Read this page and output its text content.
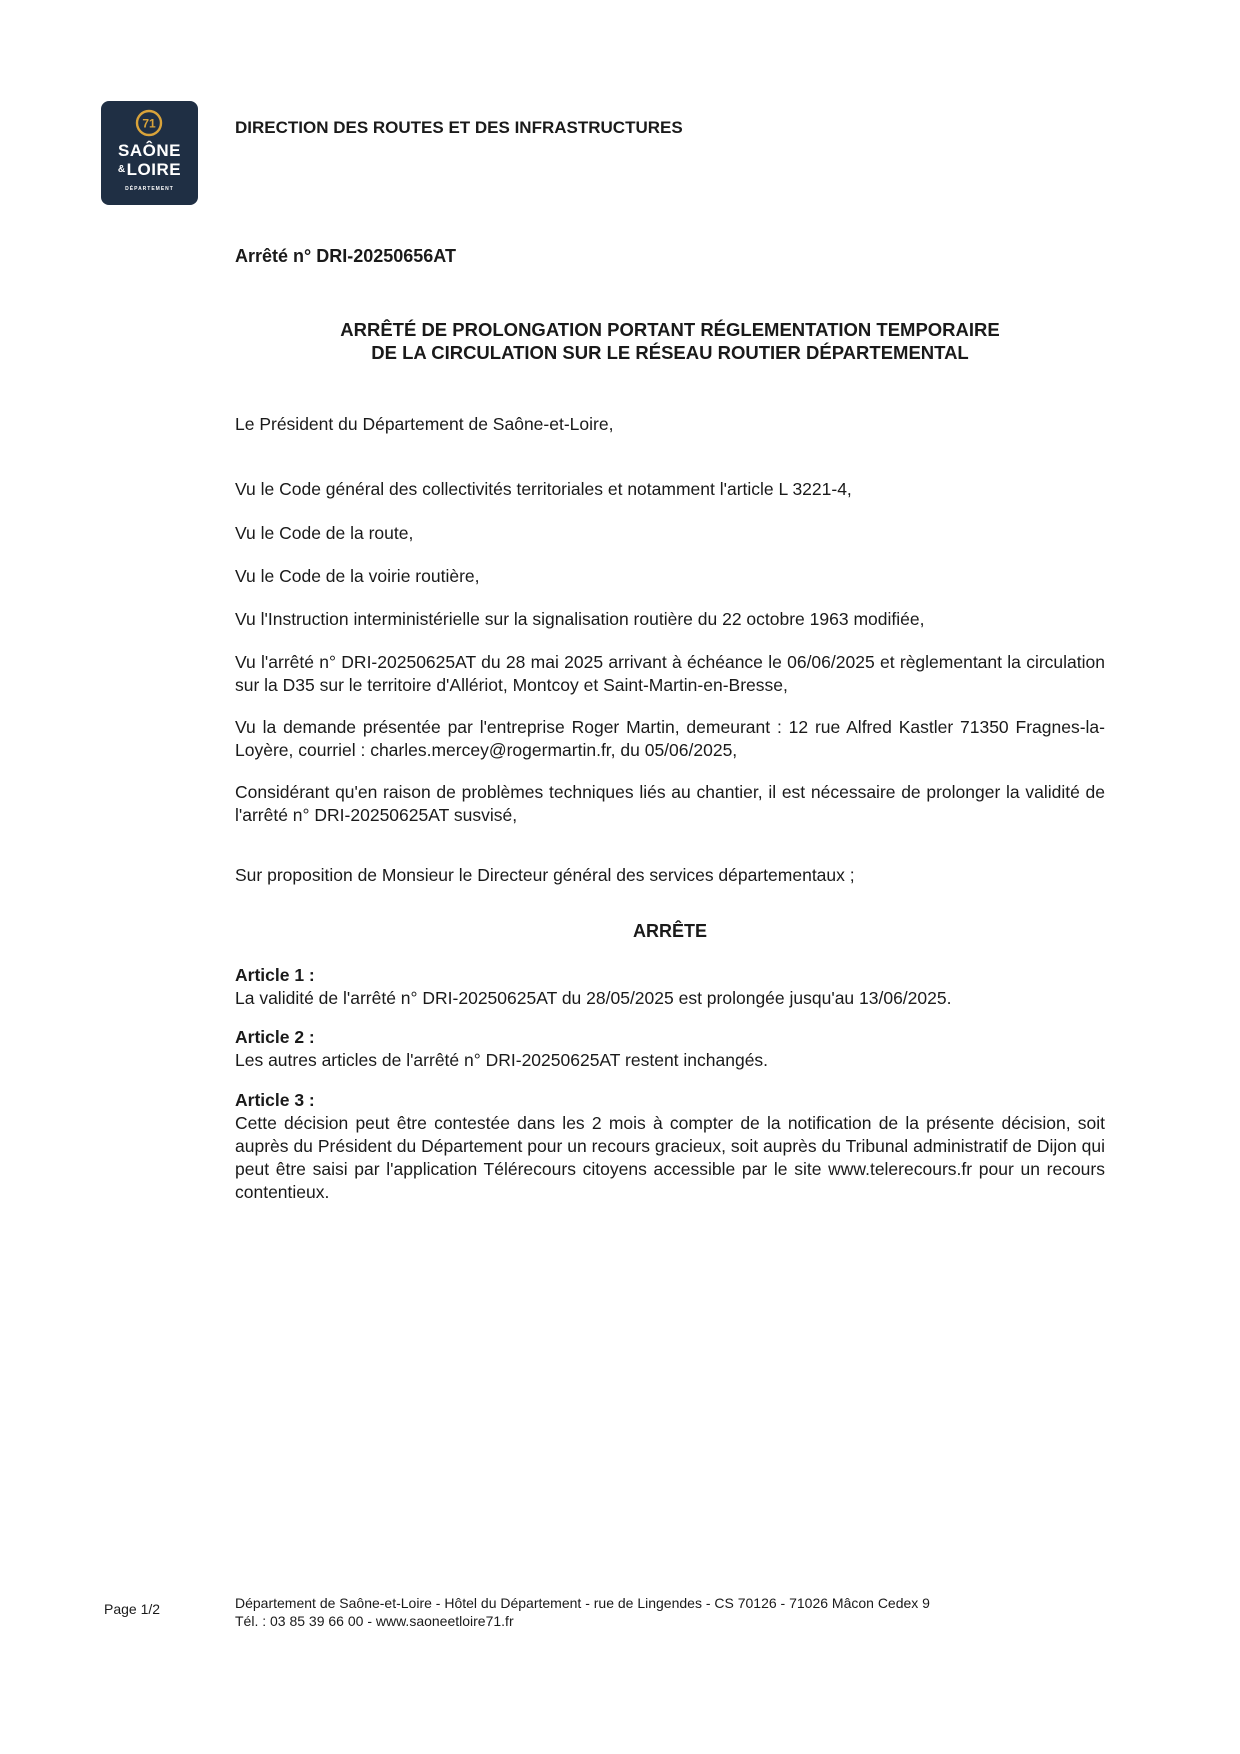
71
SAÔNE
&LOIRE
DÉPARTEMENT
DIRECTION DES ROUTES ET DES INFRASTRUCTURES
Arrêté n° DRI-20250656AT
ARRÊTÉ DE PROLONGATION PORTANT RÉGLEMENTATION TEMPORAIRE
DE LA CIRCULATION SUR LE RÉSEAU ROUTIER DÉPARTEMENTAL

Le Président du Département de Saône-et-Loire,

Vu le Code général des collectivités territoriales et notamment l'article L 3221-4,

Vu le Code de la route,

Vu le Code de la voirie routière,

Vu l'Instruction interministérielle sur la signalisation routière du 22 octobre 1963 modifiée,

Vu l'arrêté n° DRI-20250625AT du 28 mai 2025 arrivant à échéance le 06/06/2025 et règlementant la circulation sur la D35 sur le territoire d'Allériot, Montcoy et Saint-Martin-en-Bresse,

Vu la demande présentée par l'entreprise Roger Martin, demeurant : 12 rue Alfred Kastler 71350 Fragnes-la-Loyère, courriel : charles.mercey@rogermartin.fr, du 05/06/2025,

Considérant qu'en raison de problèmes techniques liés au chantier, il est nécessaire de prolonger la validité de l'arrêté n° DRI-20250625AT susvisé,

Sur proposition de Monsieur le Directeur général des services départementaux ;

ARRÊTE
Article 1 :

La validité de l'arrêté n° DRI-20250625AT du 28/05/2025 est prolongée jusqu'au 13/06/2025.

Article 2 :

Les autres articles de l'arrêté n° DRI-20250625AT restent inchangés.

Article 3 :

Cette décision peut être contestée dans les 2 mois à compter de la notification de la présente décision, soit auprès du Président du Département pour un recours gracieux, soit auprès du Tribunal administratif de Dijon qui peut être saisi par l'application Télérecours citoyens accessible par le site www.telerecours.fr pour un recours contentieux.

Page 1/2	Département de Saône-et-Loire - Hôtel du Département - rue de Lingendes - CS 70126 - 71026 Mâcon Cedex 9
Tél. : 03 85 39 66 00 - www.saoneetloire71.fr
